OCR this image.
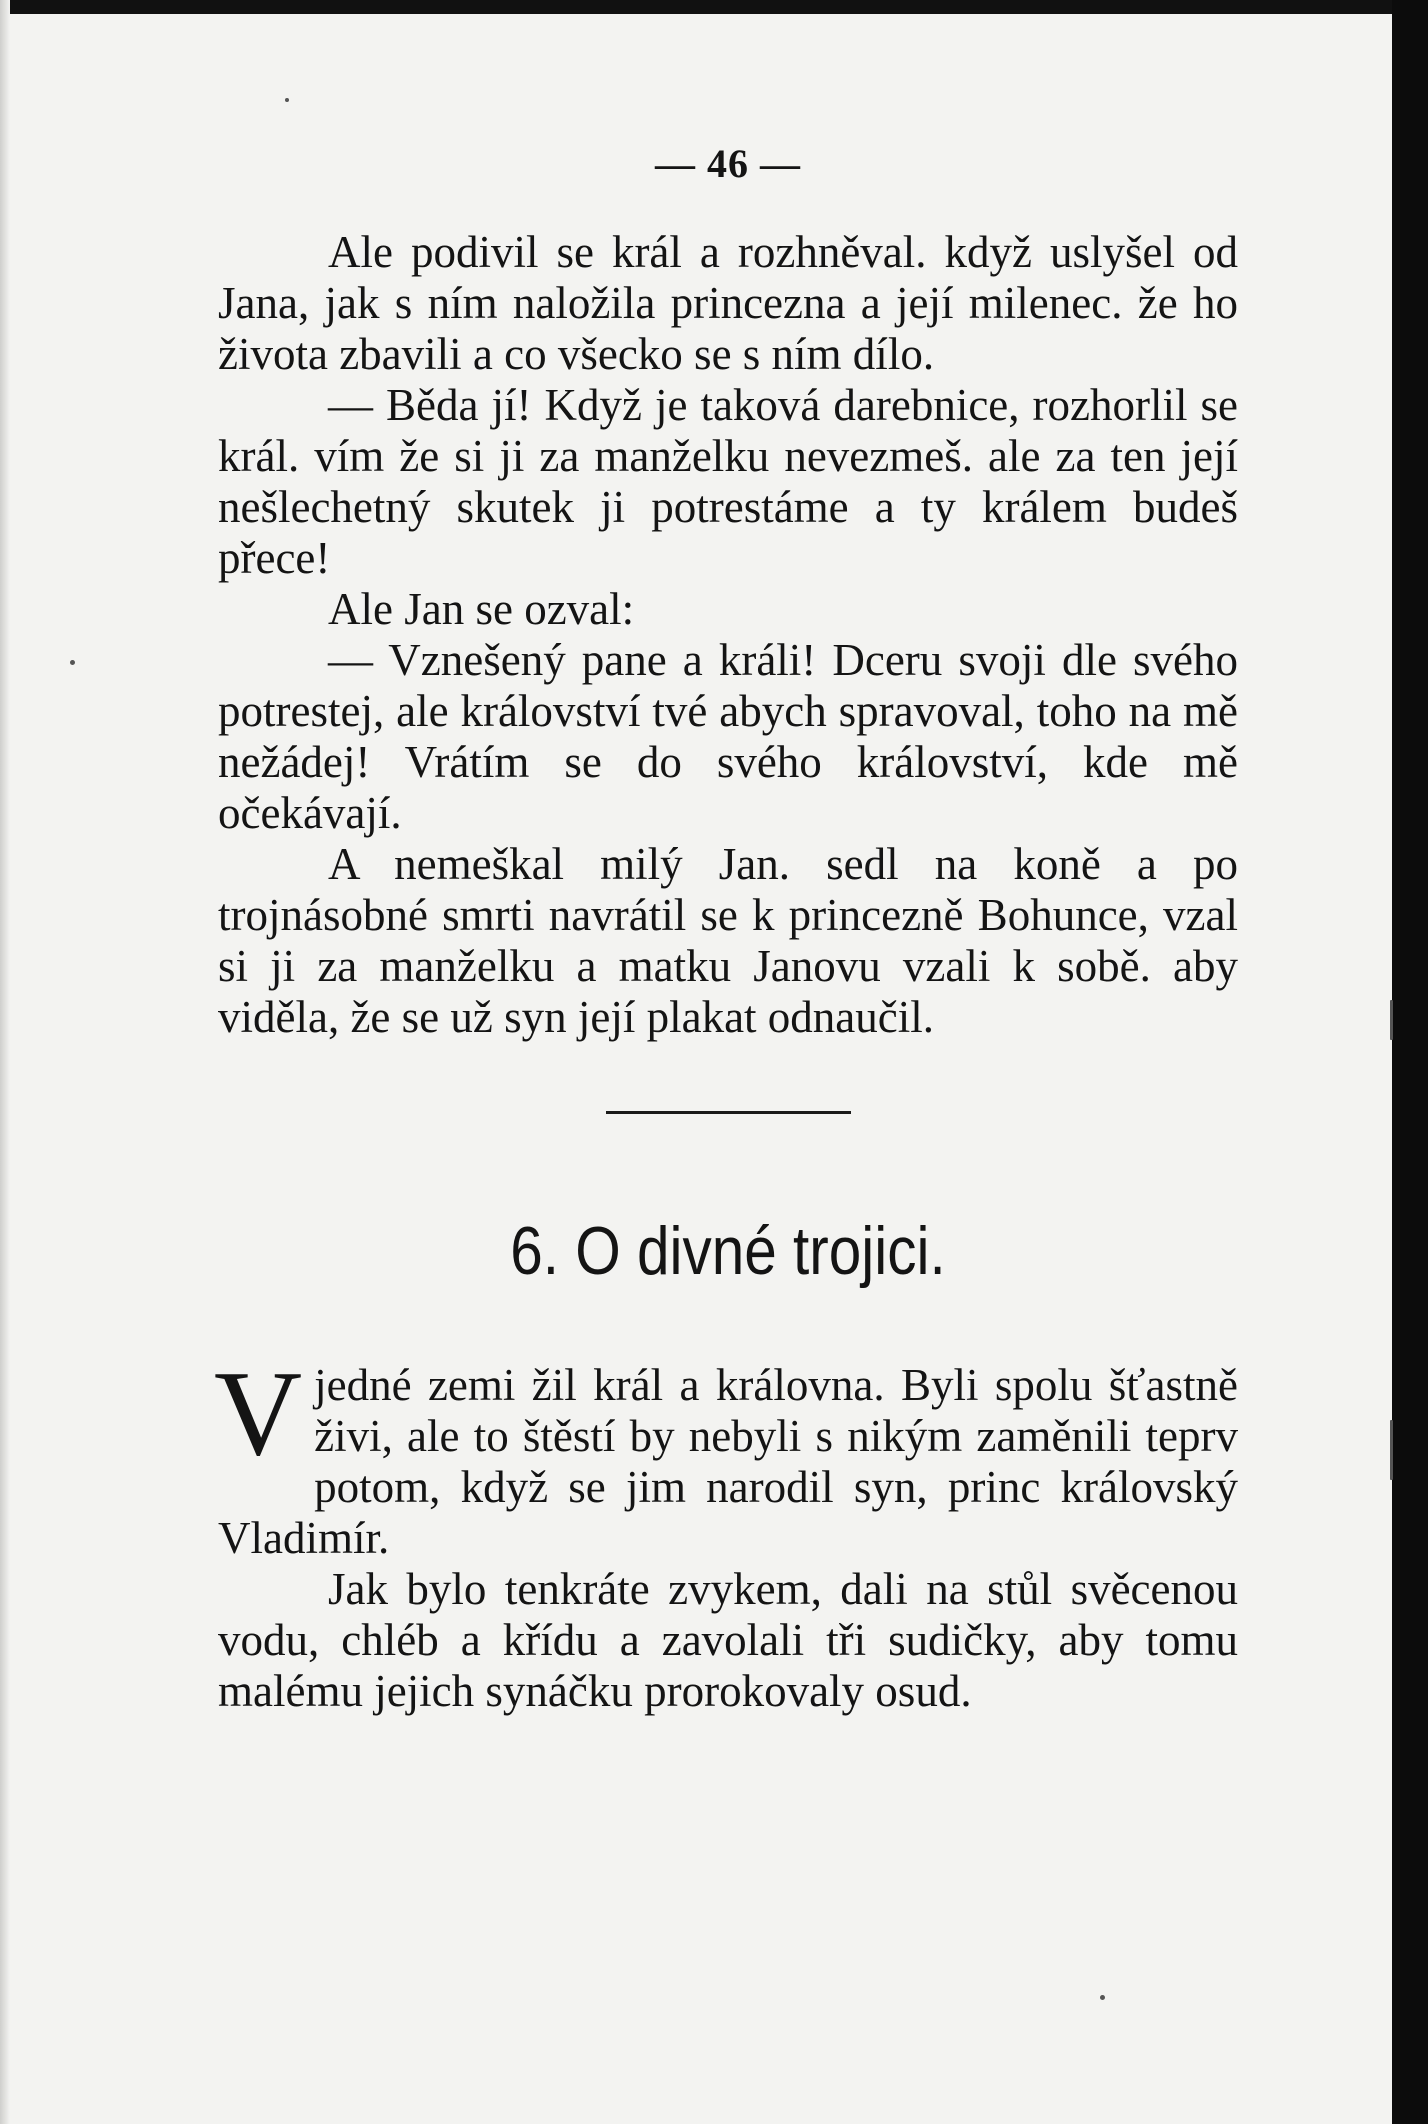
— 46 —

Ale podivil se král a rozhněval. když uslyšel od Jana, jak s ním naložila princezna a její milenec. že ho života zbavili a co všecko se s ním dílo.

— Běda jí! Když je taková darebnice, rozhorlil se král. vím že si ji za manželku nevezmeš. ale za ten její nešlechetný skutek ji potrestáme a ty králem budeš přece!

Ale Jan se ozval:

— Vznešený pane a králi! Dceru svoji dle svého potrestej, ale království tvé abych spravoval, toho na mě nežádej! Vrátím se do svého království, kde mě očekávají.

A nemeškal milý Jan. sedl na koně a po trojnásobné smrti navrátil se k princezně Bohunce, vzal si ji za manželku a matku Janovu vzali k sobě. aby viděla, že se už syn její plakat odnaučil.

6. O divné trojici.

Vjedné zemi žil král a královna. Byli spolu šťastně živi, ale to štěstí by nebyli s nikým zaměnili teprv potom, když se jim narodil syn, princ královský Vladimír.

Jak bylo tenkráte zvykem, dali na stůl svěcenou vodu, chléb a křídu a zavolali tři sudičky, aby tomu malému jejich synáčku prorokovaly osud.
